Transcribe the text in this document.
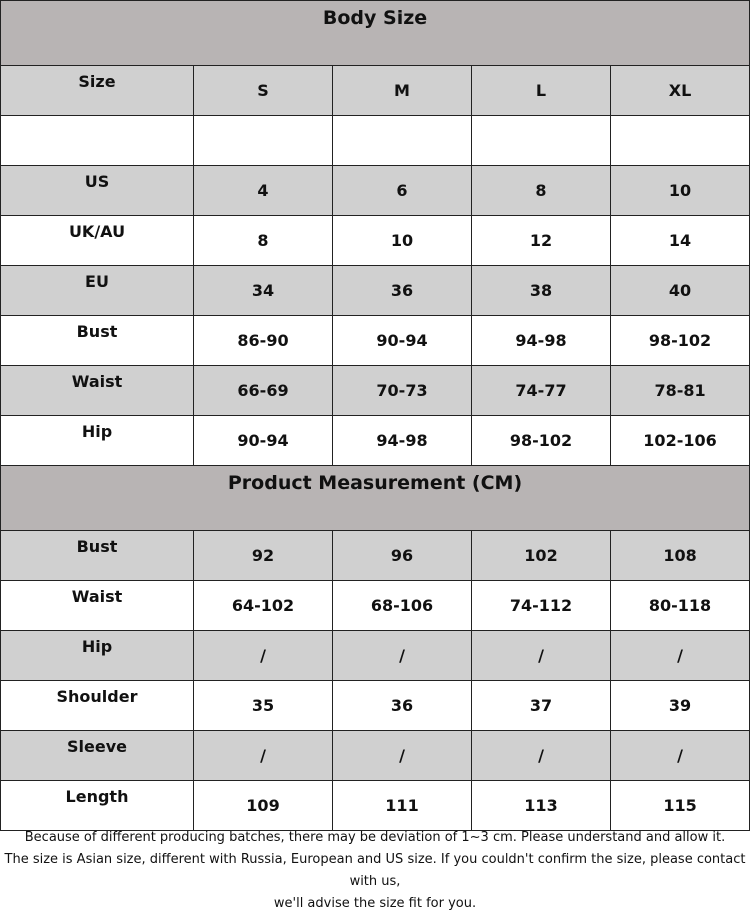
Body Size				
Size	S	M	L	XL

US	4	6	8	10
UK/AU	8	10	12	14
EU	34	36	38	40
Bust	86-90	90-94	94-98	98-102
Waist	66-69	70-73	74-77	78-81
Hip	90-94	94-98	98-102	102-106
Product Measurement (CM)				
Bust	92	96	102	108
Waist	64-102	68-106	74-112	80-118
Hip	/	/	/	/
Shoulder	35	36	37	39
Sleeve	/	/	/	/
Length	109	111	113	115
Because of different producing batches, there may be deviation of 1~3 cm. Please understand and allow it.
The size is Asian size, different with Russia, European and US size. If you couldn't confirm the size, please contact with us,
we'll advise the size fit for you.
